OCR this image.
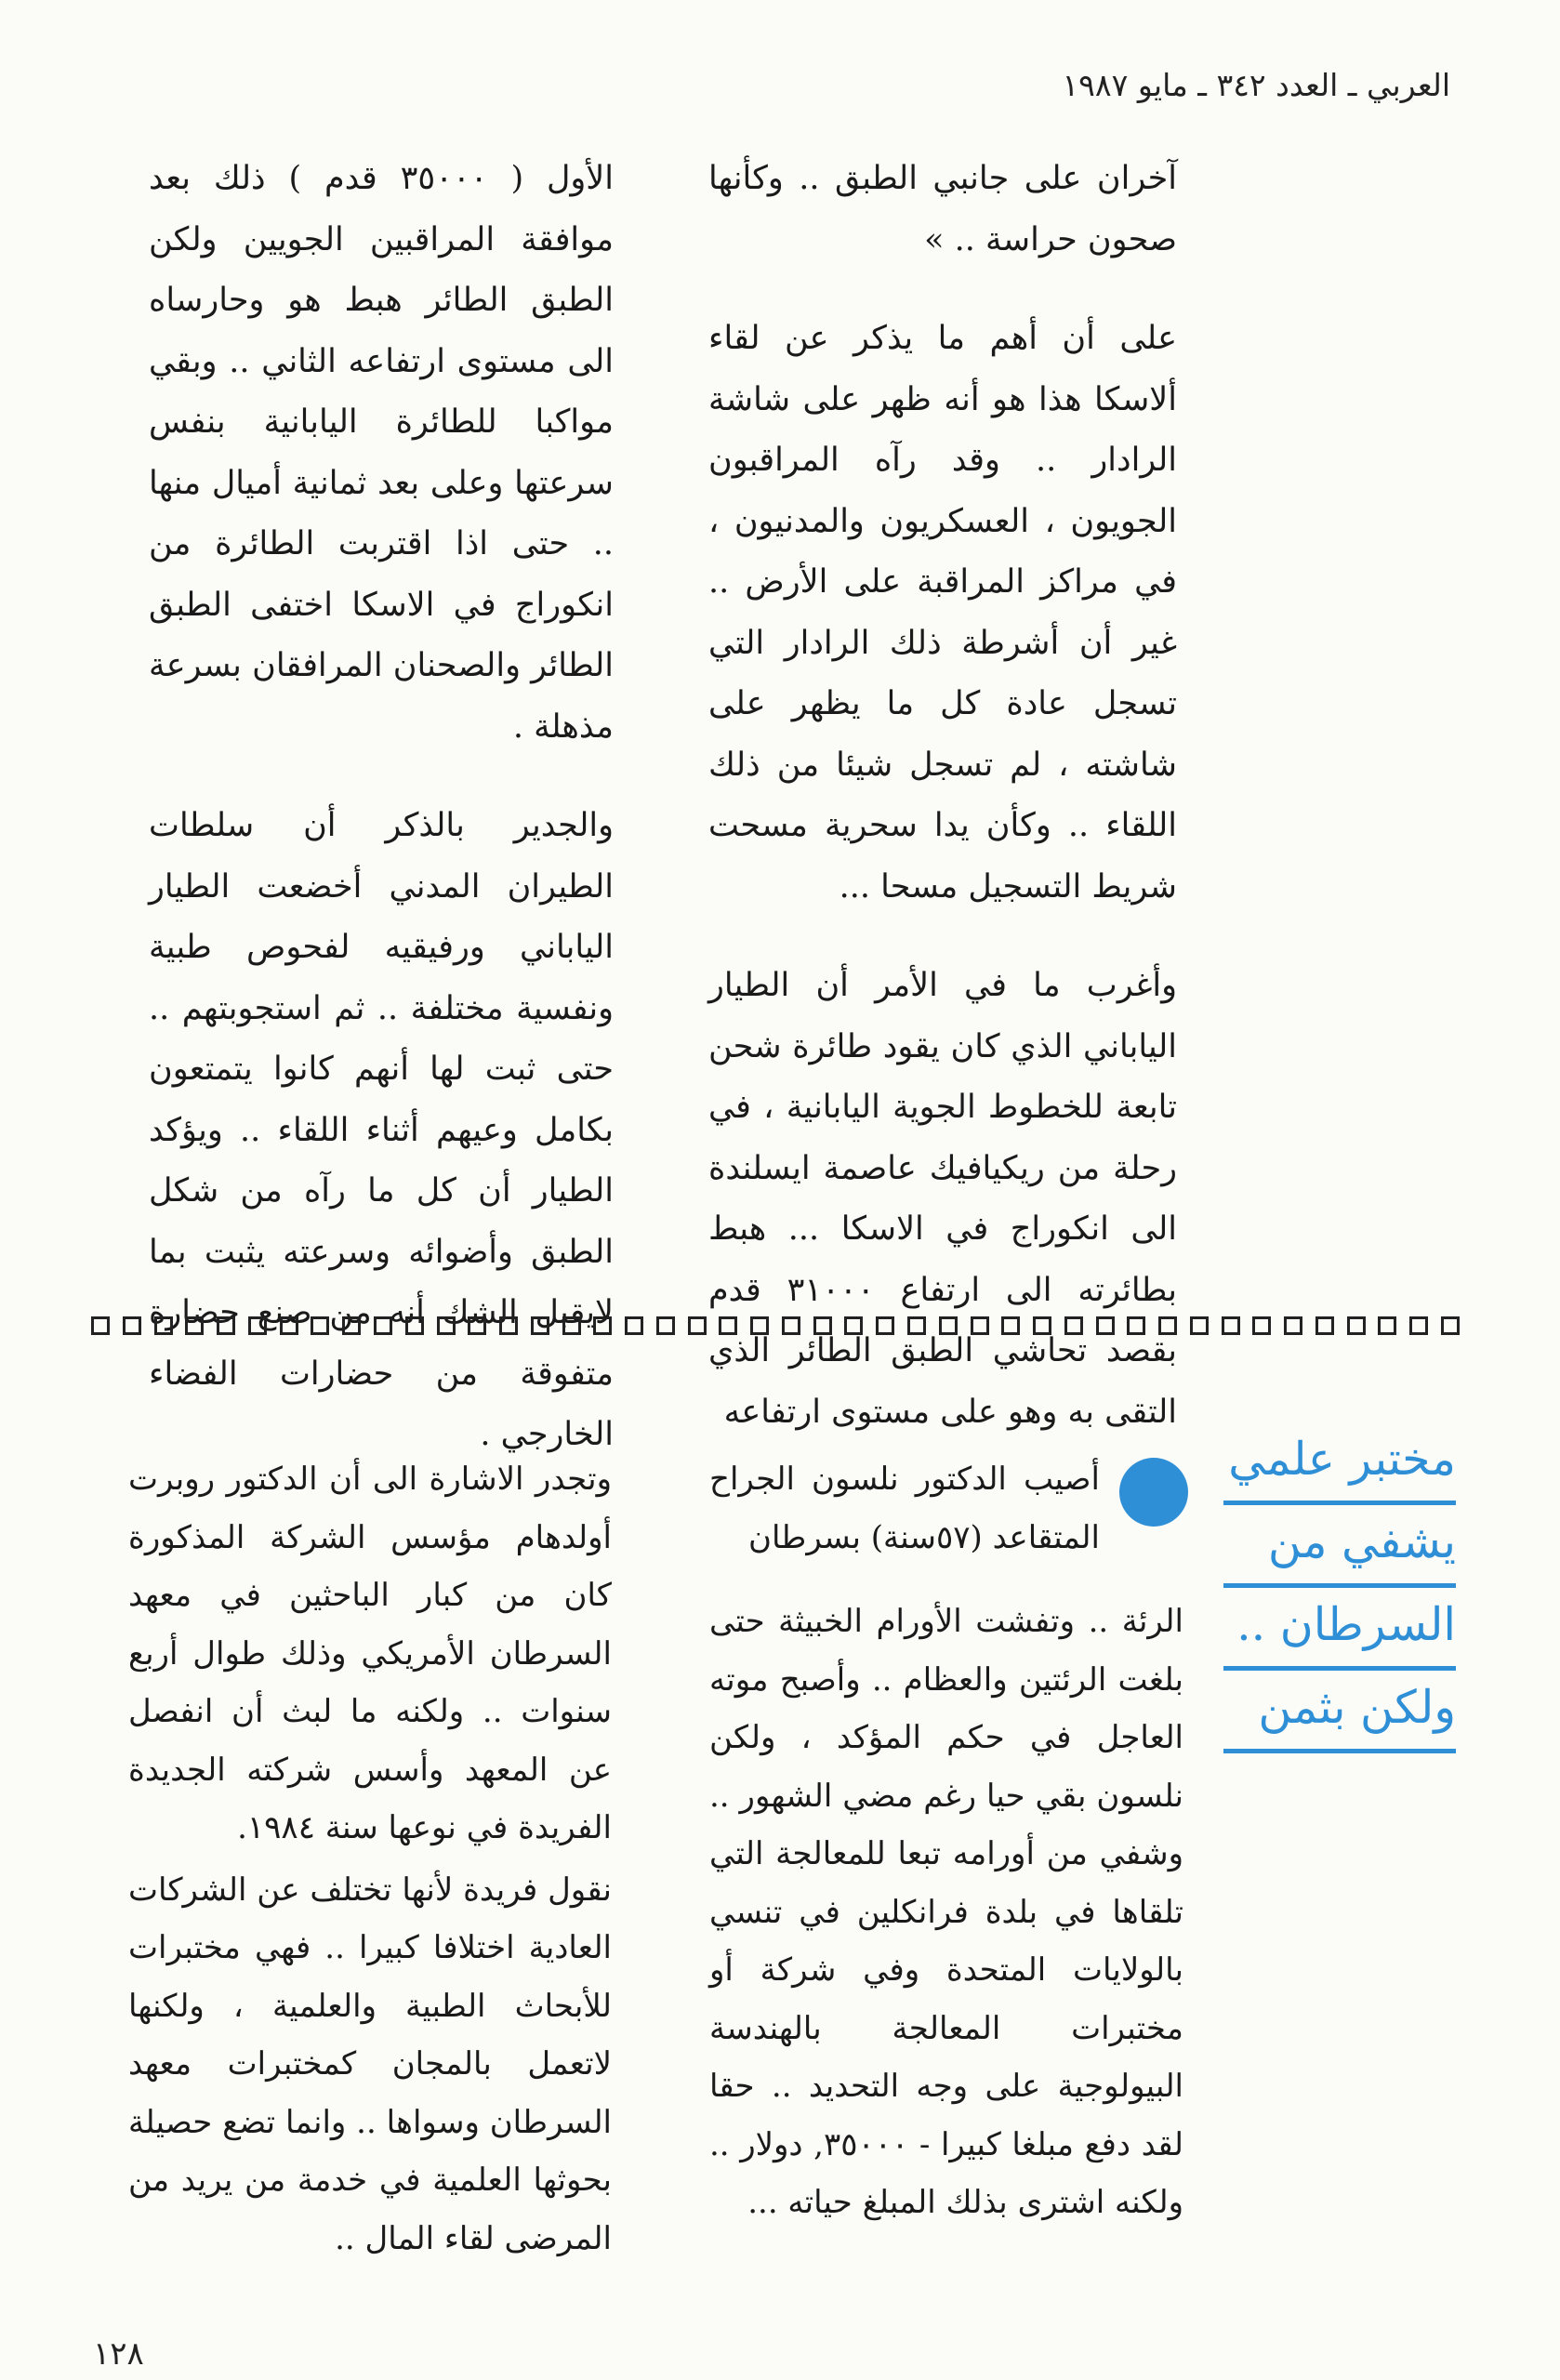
العربي ـ العدد ٣٤٢ ـ مايو ١٩٨٧

آخران على جانبي الطبق .. وكأنها صحون حراسة .. »

على أن أهم ما يذكر عن لقاء ألاسكا هذا هو أنه ظهر على شاشة الرادار .. وقد رآه المراقبون الجويون ، العسكريون والمدنيون ، في مراكز المراقبة على الأرض .. غير أن أشرطة ذلك الرادار التي تسجل عادة كل ما يظهر على شاشته ، لم تسجل شيئا من ذلك اللقاء .. وكأن يدا سحرية مسحت شريط التسجيل مسحا ...

وأغرب ما في الأمر أن الطيار الياباني الذي كان يقود طائرة شحن تابعة للخطوط الجوية اليابانية ، في رحلة من ريكيافيك عاصمة ايسلندة الى انكوراج في الاسكا ... هبط بطائرته الى ارتفاع ٣١٠٠٠ قدم بقصد تحاشي الطبق الطائر الذي التقى به وهو على مستوى ارتفاعه

الأول ( ٣٥٠٠٠ قدم ) ذلك بعد موافقة المراقبين الجويين ولكن الطبق الطائر هبط هو وحارساه الى مستوى ارتفاعه الثاني .. وبقي مواكبا للطائرة اليابانية بنفس سرعتها وعلى بعد ثمانية أميال منها .. حتى اذا اقتربت الطائرة من انكوراج في الاسكا اختفى الطبق الطائر والصحنان المرافقان بسرعة مذهلة .

والجدير بالذكر أن سلطات الطيران المدني أخضعت الطيار الياباني ورفيقيه لفحوص طبية ونفسية مختلفة .. ثم استجوبتهم .. حتى ثبت لها أنهم كانوا يتمتعون بكامل وعيهم أثناء اللقاء .. ويؤكد الطيار أن كل ما رآه من شكل الطبق وأضوائه وسرعته يثبت بما لايقبل الشك أنه من صنع حضارة متفوقة من حضارات الفضاء الخارجي .	مختبر علمي
يشفي من
السرطان ..
ولكن بثمن

أصيب الدكتور نلسون الجراح المتقاعد (٥٧سنة) بسرطان

الرئة .. وتفشت الأورام الخبيثة حتى بلغت الرئتين والعظام .. وأصبح موته العاجل في حكم المؤكد ، ولكن نلسون بقي حيا رغم مضي الشهور .. وشفي من أورامه تبعا للمعالجة التي تلقاها في بلدة فرانكلين في تنسي بالولايات المتحدة وفي شركة أو مختبرات المعالجة بالهندسة البيولوجية على وجه التحديد .. حقا لقد دفع مبلغا كبيرا - ٣٥٠٠٠, دولار .. ولكنه اشترى بذلك المبلغ حياته ...

وتجدر الاشارة الى أن الدكتور روبرت أولدهام مؤسس الشركة المذكورة كان من كبار الباحثين في معهد السرطان الأمريكي وذلك طوال أربع سنوات .. ولكنه ما لبث أن انفصل عن المعهد وأسس شركته الجديدة الفريدة في نوعها سنة ١٩٨٤.

نقول فريدة لأنها تختلف عن الشركات العادية اختلافا كبيرا .. فهي مختبرات للأبحاث الطبية والعلمية ، ولكنها لاتعمل بالمجان كمختبرات معهد السرطان وسواها .. وانما تضع حصيلة بحوثها العلمية في خدمة من يريد من المرضى لقاء المال ..

١٢٨
